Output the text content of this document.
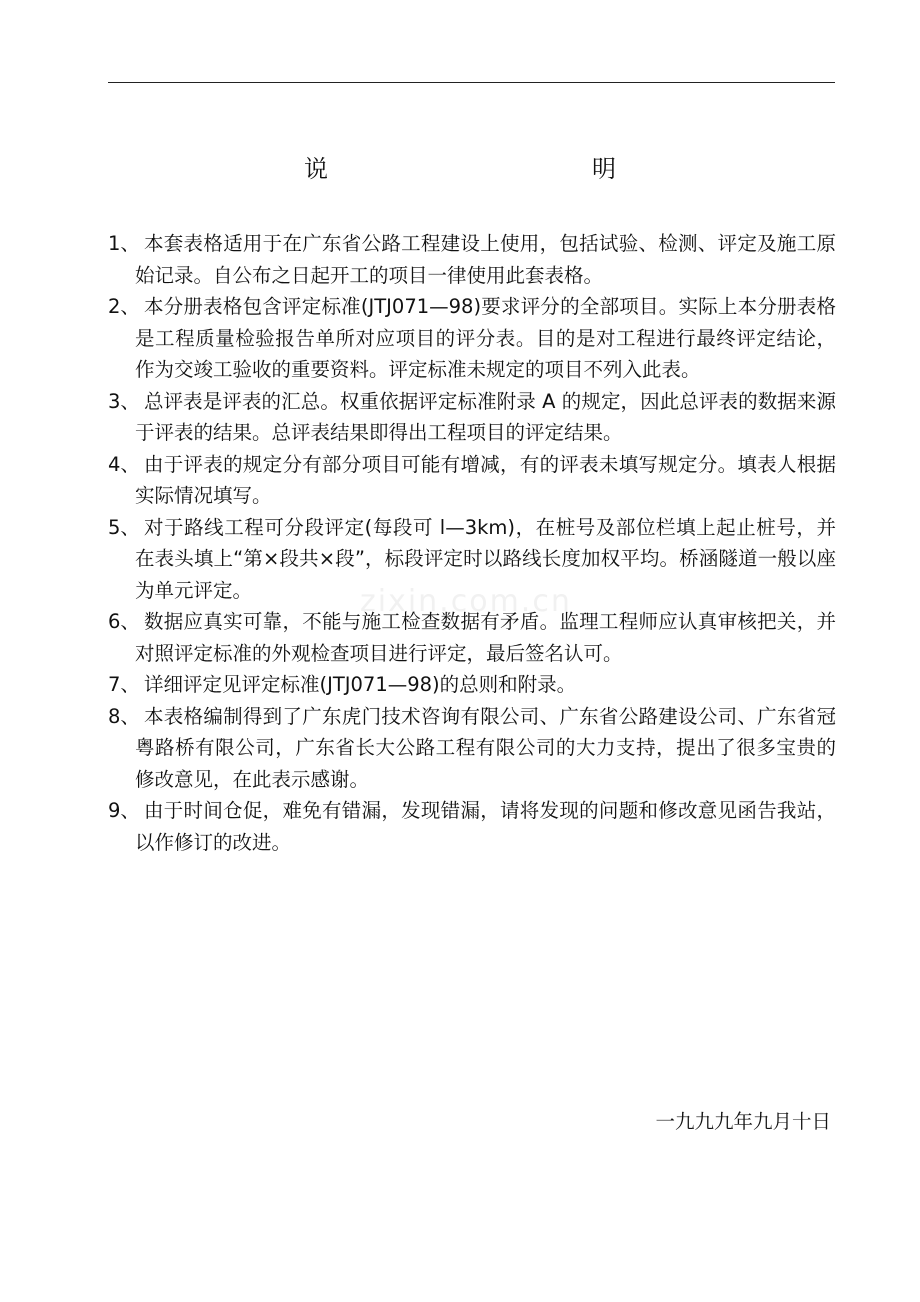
说　　明
1、 本套表格适用于在广东省公路工程建设上使用，包括试验、检测、评定及施工原始记录。自公布之日起开工的项目一律使用此套表格。
2、 本分册表格包含评定标准(JTJ071—98)要求评分的全部项目。实际上本分册表格是工程质量检验报告单所对应项目的评分表。目的是对工程进行最终评定结论，作为交竣工验收的重要资料。评定标准未规定的项目不列入此表。
3、 总评表是评表的汇总。权重依据评定标准附录 A 的规定，因此总评表的数据来源于评表的结果。总评表结果即得出工程项目的评定结果。
4、 由于评表的规定分有部分项目可能有增减，有的评表未填写规定分。填表人根据实际情况填写。
5、 对于路线工程可分段评定(每段可 l—3km)，在桩号及部位栏填上起止桩号，并在表头填上“第×段共×段”，标段评定时以路线长度加权平均。桥涵隧道一般以座为单元评定。
6、 数据应真实可靠，不能与施工检查数据有矛盾。监理工程师应认真审核把关，并对照评定标准的外观检查项目进行评定，最后签名认可。
7、 详细评定见评定标准(JTJ071—98)的总则和附录。
8、 本表格编制得到了广东虎门技术咨询有限公司、广东省公路建设公司、广东省冠粤路桥有限公司，广东省长大公路工程有限公司的大力支持，提出了很多宝贵的修改意见，在此表示感谢。
9、 由于时间仓促，难免有错漏，发现错漏，请将发现的问题和修改意见函告我站，以作修订的改进。
zixin.com.cn
一九九九年九月十日
